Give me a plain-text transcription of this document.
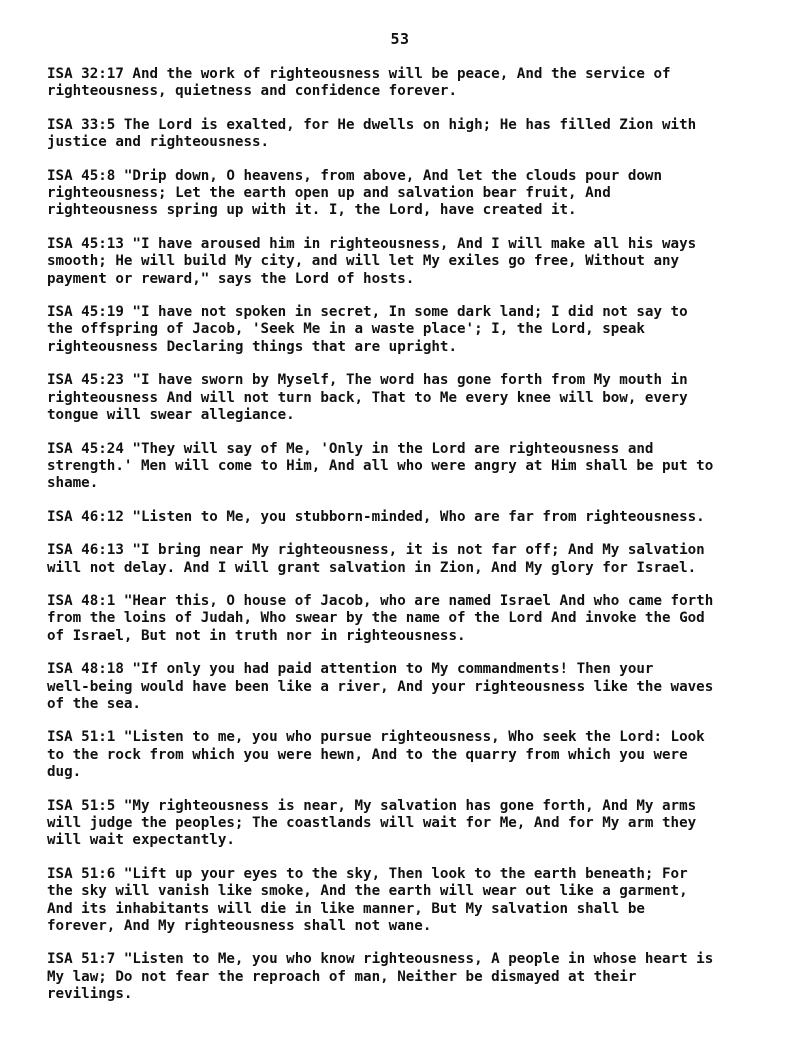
53

ISA 32:17 And the work of righteousness will be peace, And the service of
righteousness, quietness and confidence forever.

ISA 33:5 The Lord is exalted, for He dwells on high; He has filled Zion with
justice and righteousness.

ISA 45:8 "Drip down, O heavens, from above, And let the clouds pour down
righteousness; Let the earth open up and salvation bear fruit, And
righteousness spring up with it. I, the Lord, have created it.

ISA 45:13 "I have aroused him in righteousness, And I will make all his ways
smooth; He will build My city, and will let My exiles go free, Without any
payment or reward," says the Lord of hosts.

ISA 45:19 "I have not spoken in secret, In some dark land; I did not say to
the offspring of Jacob, 'Seek Me in a waste place'; I, the Lord, speak
righteousness Declaring things that are upright.

ISA 45:23 "I have sworn by Myself, The word has gone forth from My mouth in
righteousness And will not turn back, That to Me every knee will bow, every
tongue will swear allegiance.

ISA 45:24 "They will say of Me, 'Only in the Lord are righteousness and
strength.' Men will come to Him, And all who were angry at Him shall be put to
shame.

ISA 46:12 "Listen to Me, you stubborn-minded, Who are far from righteousness.

ISA 46:13 "I bring near My righteousness, it is not far off; And My salvation
will not delay. And I will grant salvation in Zion, And My glory for Israel.

ISA 48:1 "Hear this, O house of Jacob, who are named Israel And who came forth
from the loins of Judah, Who swear by the name of the Lord And invoke the God
of Israel, But not in truth nor in righteousness.

ISA 48:18 "If only you had paid attention to My commandments! Then your
well-being would have been like a river, And your righteousness like the waves
of the sea.

ISA 51:1 "Listen to me, you who pursue righteousness, Who seek the Lord: Look
to the rock from which you were hewn, And to the quarry from which you were
dug.

ISA 51:5 "My righteousness is near, My salvation has gone forth, And My arms
will judge the peoples; The coastlands will wait for Me, And for My arm they
will wait expectantly.

ISA 51:6 "Lift up your eyes to the sky, Then look to the earth beneath; For
the sky will vanish like smoke, And the earth will wear out like a garment,
And its inhabitants will die in like manner, But My salvation shall be
forever, And My righteousness shall not wane.

ISA 51:7 "Listen to Me, you who know righteousness, A people in whose heart is
My law; Do not fear the reproach of man, Neither be dismayed at their
revilings.
